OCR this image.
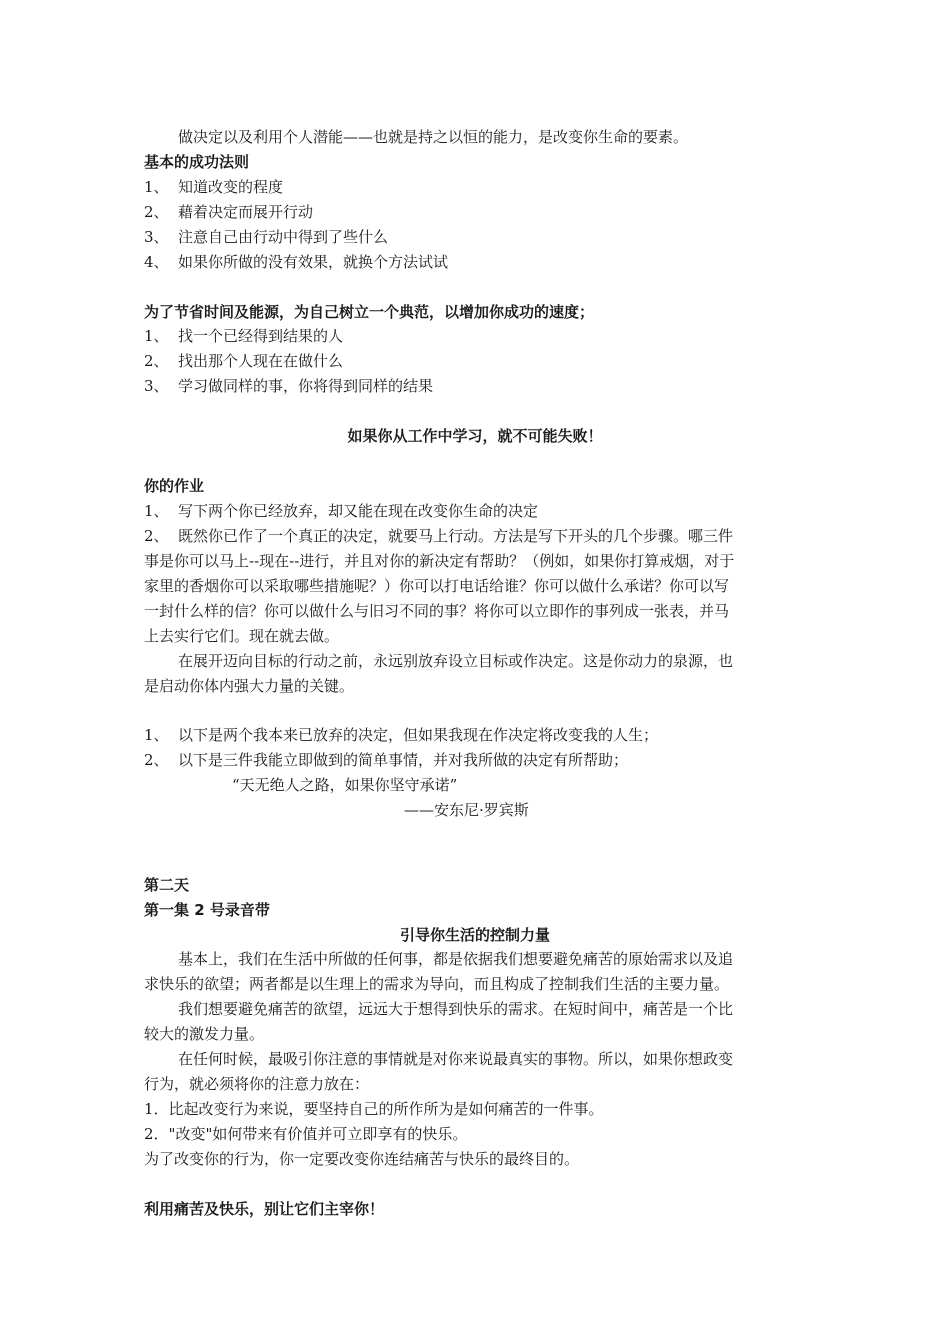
做决定以及利用个人潜能——也就是持之以恒的能力，是改变你生命的要素。
基本的成功法则
1、 知道改变的程度
2、 藉着决定而展开行动
3、 注意自己由行动中得到了些什么
4、 如果你所做的没有效果，就换个方法试试
为了节省时间及能源，为自己树立一个典范，以增加你成功的速度；
1、 找一个已经得到结果的人
2、 找出那个人现在在做什么
3、 学习做同样的事，你将得到同样的结果
如果你从工作中学习，就不可能失败！
你的作业
1、 写下两个你已经放弃，却又能在现在改变你生命的决定
2、 既然你已作了一个真正的决定，就要马上行动。方法是写下开头的几个步骤。哪三件
事是你可以马上--现在--进行，并且对你的新决定有帮助？（例如，如果你打算戒烟，对于
家里的香烟你可以采取哪些措施呢？）你可以打电话给谁？你可以做什么承诺？你可以写
一封什么样的信？你可以做什么与旧习不同的事？将你可以立即作的事列成一张表，并马
上去实行它们。现在就去做。
在展开迈向目标的行动之前，永远别放弃设立目标或作决定。这是你动力的泉源，也
是启动你体内强大力量的关键。
1、 以下是两个我本来已放弃的决定，但如果我现在作决定将改变我的人生；
2、 以下是三件我能立即做到的简单事情，并对我所做的决定有所帮助；
“天无绝人之路，如果你坚守承诺”
——安东尼·罗宾斯
第二天
第一集 2 号录音带
引导你生活的控制力量
基本上，我们在生活中所做的任何事，都是依据我们想要避免痛苦的原始需求以及追
求快乐的欲望；两者都是以生理上的需求为导向，而且构成了控制我们生活的主要力量。
我们想要避免痛苦的欲望，远远大于想得到快乐的需求。在短时间中，痛苦是一个比
较大的激发力量。
在任何时候，最吸引你注意的事情就是对你来说最真实的事物。所以，如果你想政变
行为，就必须将你的注意力放在：
1．比起改变行为来说，要坚持自己的所作所为是如何痛苦的一件事。
2．"改变"如何带来有价值并可立即享有的快乐。
为了改变你的行为，你一定要改变你连结痛苦与快乐的最终目的。
利用痛苦及快乐，别让它们主宰你！
